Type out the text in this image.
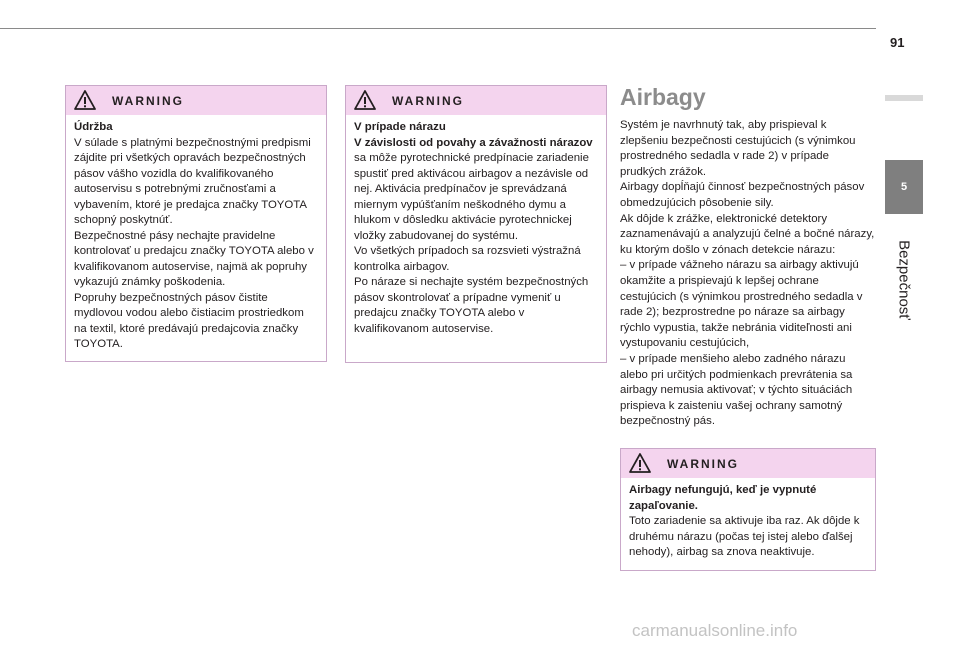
91
5
Bezpečnosť
WARNING

Údržba

V súlade s platnými bezpečnostnými predpismi zájdite pri všetkých opravách bezpečnostných pásov vášho vozidla do kvalifikovaného autoservisu s potrebnými zručnosťami a vybavením, ktoré je predajca značky TOYOTA schopný poskytnúť.

Bezpečnostné pásy nechajte pravidelne kontrolovať u predajcu značky TOYOTA alebo v kvalifikovanom autoservise, najmä ak popruhy vykazujú známky poškodenia.

Popruhy bezpečnostných pásov čistite mydlovou vodou alebo čistiacim prostriedkom na textil, ktoré predávajú predajcovia značky TOYOTA.

WARNING

V prípade nárazu

V závislosti od povahy a závažnosti nárazov sa môže pyrotechnické predpínacie zariadenie spustiť pred aktivácou airbagov a nezávisle od nej. Aktivácia predpínačov je sprevádzaná miernym vypúšťaním neškodného dymu a hlukom v dôsledku aktivácie pyrotechnickej vložky zabudovanej do systému.

Vo všetkých prípadoch sa rozsvieti výstražná kontrolka airbagov.

Po náraze si nechajte systém bezpečnostných pásov skontrolovať a prípadne vymeniť u predajcu značky TOYOTA alebo v kvalifikovanom autoservise.

Airbagy

Systém je navrhnutý tak, aby prispieval k zlepšeniu bezpečnosti cestujúcich (s výnimkou prostredného sedadla v rade 2) v prípade prudkých zrážok.

Airbagy dopĺňajú činnosť bezpečnostných pásov obmedzujúcich pôsobenie sily.

Ak dôjde k zrážke, elektronické detektory zaznamenávajú a analyzujú čelné a bočné nárazy, ku ktorým došlo v zónach detekcie nárazu:

– v prípade vážneho nárazu sa airbagy aktivujú okamžite a prispievajú k lepšej ochrane cestujúcich (s výnimkou prostredného sedadla v rade 2); bezprostredne po náraze sa airbagy rýchlo vypustia, takže nebránia viditeľnosti ani vystupovaniu cestujúcich,

– v prípade menšieho alebo zadného nárazu alebo pri určitých podmienkach prevrátenia sa airbagy nemusia aktivovať; v týchto situáciách prispieva k zaisteniu vašej ochrany samotný bezpečnostný pás.

WARNING

Airbagy nefungujú, keď je vypnuté zapaľovanie.

Toto zariadenie sa aktivuje iba raz. Ak dôjde k druhému nárazu (počas tej istej alebo ďalšej nehody), airbag sa znova neaktivuje.

carmanualsonline.info
